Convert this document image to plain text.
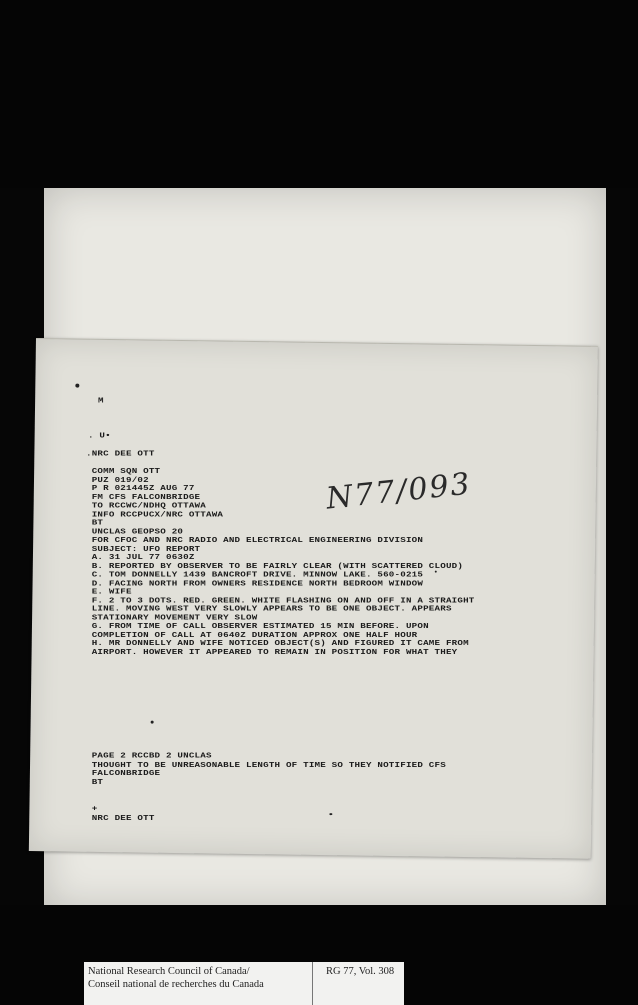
M
. U•
.NRC DEE OTT

COMM SQN OTT
PUZ 019/02
P R 021445Z AUG 77
FM CFS FALCONBRIDGE
TO RCCWC/NDHQ OTTAWA
INFO RCCPUCX/NRC OTTAWA
BT
UNCLAS GEOPSO 20
FOR CFOC AND NRC RADIO AND ELECTRICAL ENGINEERING DIVISION
SUBJECT: UFO REPORT
A. 31 JUL 77 0630Z
B. REPORTED BY OBSERVER TO BE FAIRLY CLEAR (WITH SCATTERED CLOUD)
C. TOM DONNELLY 1439 BANCROFT DRIVE. MINNOW LAKE. 560-0215
D. FACING NORTH FROM OWNERS RESIDENCE NORTH BEDROOM WINDOW
E. WIFE
F. 2 TO 3 DOTS. RED. GREEN. WHITE FLASHING ON AND OFF IN A STRAIGHT
LINE. MOVING WEST VERY SLOWLY APPEARS TO BE ONE OBJECT. APPEARS
STATIONARY MOVEMENT VERY SLOW
G. FROM TIME OF CALL OBSERVER ESTIMATED 15 MIN BEFORE. UPON
COMPLETION OF CALL AT 0640Z DURATION APPROX ONE HALF HOUR
H. MR DONNELLY AND WIFE NOTICED OBJECT(S) AND FIGURED IT CAME FROM
AIRPORT. HOWEVER IT APPEARED TO REMAIN IN POSITION FOR WHAT THEY
PAGE 2 RCCBD 2 UNCLAS
THOUGHT TO BE UNREASONABLE LENGTH OF TIME SO THEY NOTIFIED CFS
FALCONBRIDGE
BT
+
NRC DEE OTT
N77/093
National Research Council of Canada/
Conseil national de recherches du Canada
RG 77, Vol. 308
